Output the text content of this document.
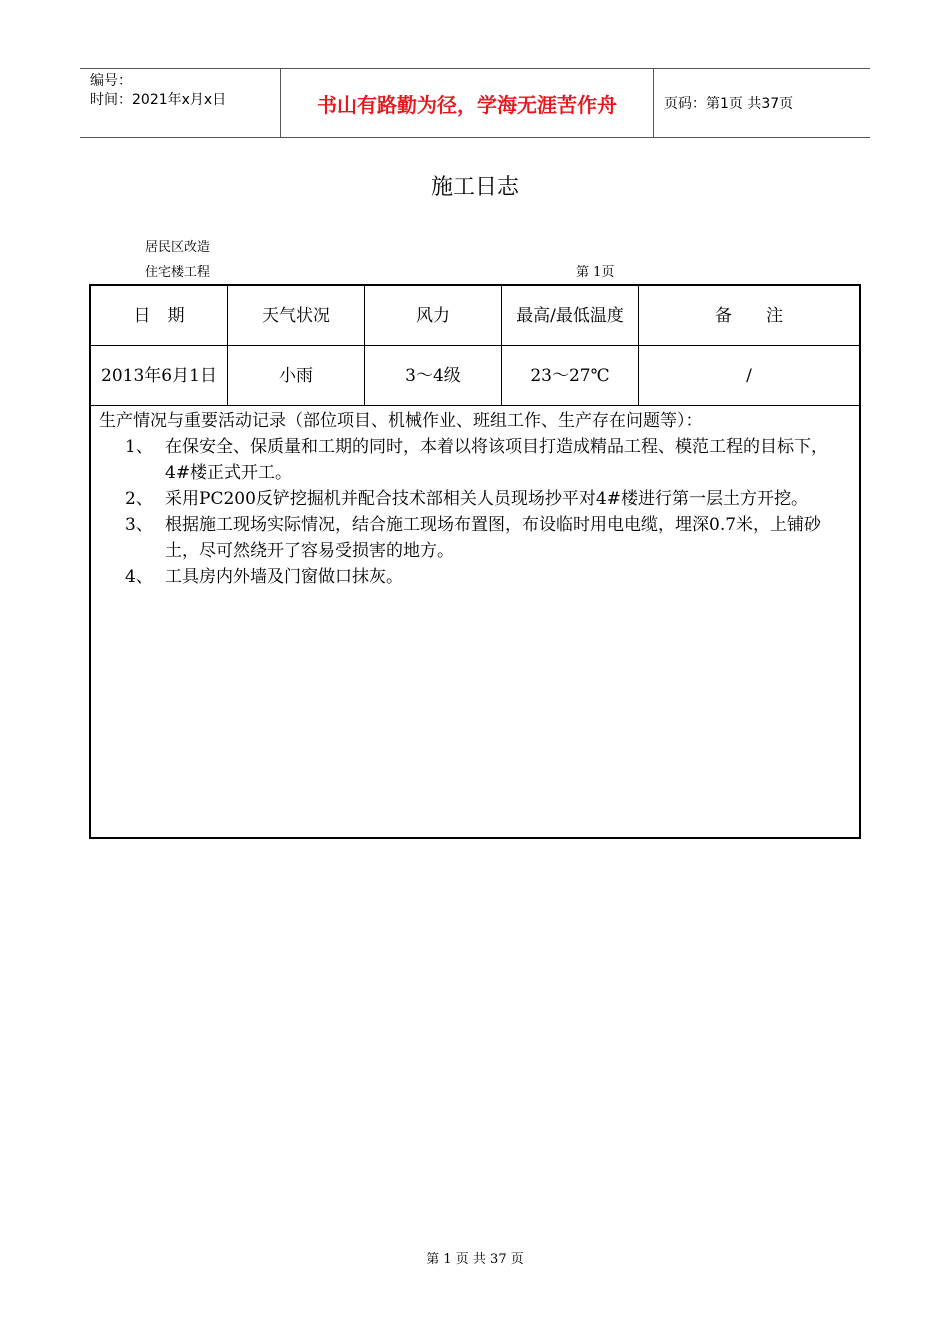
编号：
时间：2021年x月x日	书山有路勤为径，学海无涯苦作舟	页码：第1页 共37页
施工日志
居民区改造
住宅楼工程	第 1页
日　期	天气状况	风力	最高/最低温度	备　　注
2013年6月1日	小雨	3～4级	23～27℃	/

生产情况与重要活动记录（部位项目、机械作业、班组工作、生产存在问题等）：

1、 在保安全、保质量和工期的同时，本着以将该项目打造成精品工程、模范工程的目标下，4#楼正式开工。
2、 采用PC200反铲挖掘机并配合技术部相关人员现场抄平对4#楼进行第一层土方开挖。
3、 根据施工现场实际情况，结合施工现场布置图，布设临时用电电缆，埋深0.7米，上铺砂土，尽可然绕开了容易受损害的地方。
4、 工具房内外墙及门窗做口抹灰。
第 1 页 共 37 页
